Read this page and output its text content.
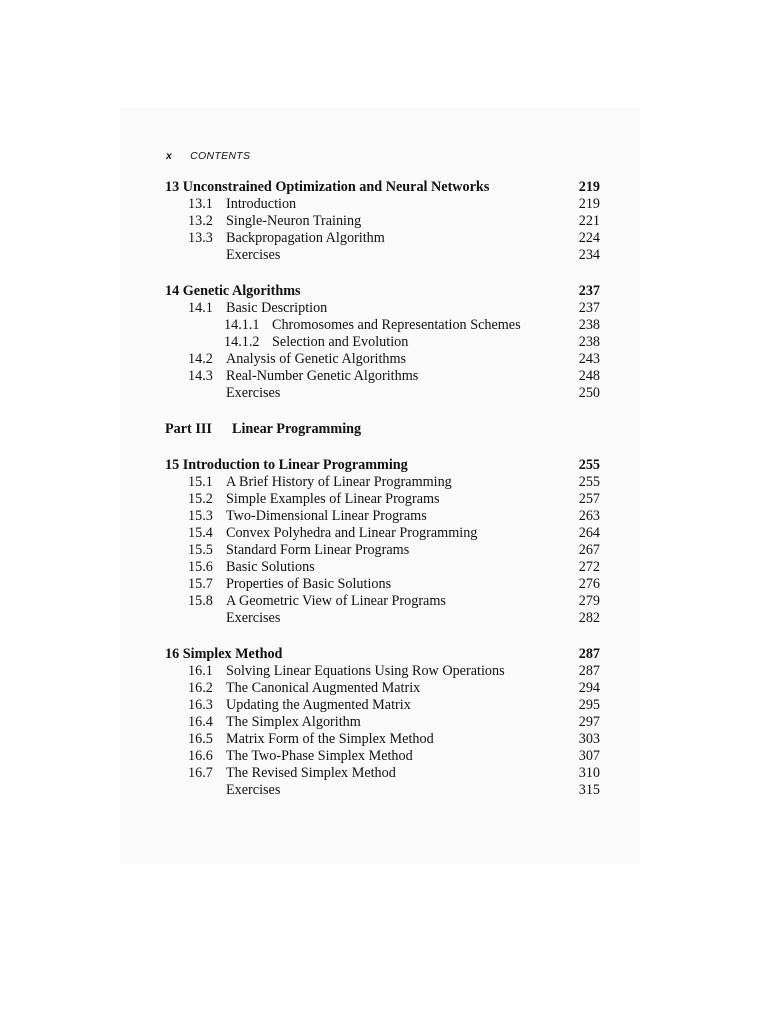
x CONTENTS
13 Unconstrained Optimization and Neural Networks	219
13.1 Introduction	219
13.2 Single-Neuron Training	221
13.3 Backpropagation Algorithm	224
Exercises	234
14 Genetic Algorithms	237
14.1 Basic Description	237
14.1.1 Chromosomes and Representation Schemes	238
14.1.2 Selection and Evolution	238
14.2 Analysis of Genetic Algorithms	243
14.3 Real-Number Genetic Algorithms	248
Exercises	250
Part III Linear Programming
15 Introduction to Linear Programming	255
15.1 A Brief History of Linear Programming	255
15.2 Simple Examples of Linear Programs	257
15.3 Two-Dimensional Linear Programs	263
15.4 Convex Polyhedra and Linear Programming	264
15.5 Standard Form Linear Programs	267
15.6 Basic Solutions	272
15.7 Properties of Basic Solutions	276
15.8 A Geometric View of Linear Programs	279
Exercises	282
16 Simplex Method	287
16.1 Solving Linear Equations Using Row Operations	287
16.2 The Canonical Augmented Matrix	294
16.3 Updating the Augmented Matrix	295
16.4 The Simplex Algorithm	297
16.5 Matrix Form of the Simplex Method	303
16.6 The Two-Phase Simplex Method	307
16.7 The Revised Simplex Method	310
Exercises	315
